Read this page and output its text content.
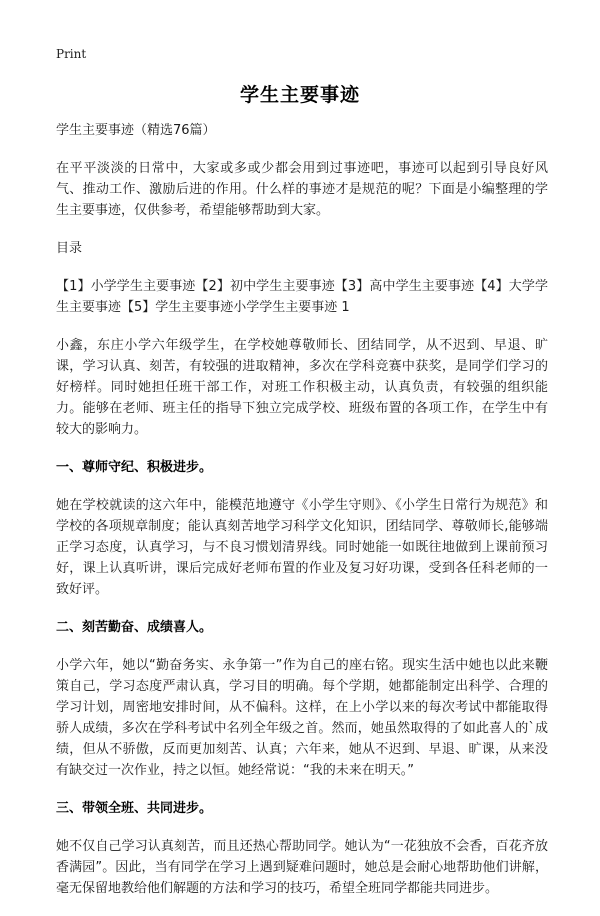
Print
学生主要事迹

学生主要事迹（精选76篇）

在平平淡淡的日常中，大家或多或少都会用到过事迹吧，事迹可以起到引导良好风气、推动工作、激励后进的作用。什么样的事迹才是规范的呢？下面是小编整理的学生主要事迹，仅供参考，希望能够帮助到大家。

目录

【1】小学学生主要事迹【2】初中学生主要事迹【3】高中学生主要事迹【4】大学学生主要事迹【5】学生主要事迹小学学生主要事迹 1

小鑫，东庄小学六年级学生，在学校她尊敬师长、团结同学，从不迟到、早退、旷课，学习认真、刻苦，有较强的进取精神，多次在学科竞赛中获奖，是同学们学习的好榜样。同时她担任班干部工作，对班工作积极主动，认真负责，有较强的组织能力。能够在老师、班主任的指导下独立完成学校、班级布置的各项工作，在学生中有较大的影响力。

一、尊师守纪、积极进步。

她在学校就读的这六年中，能模范地遵守《小学生守则》、《小学生日常行为规范》和学校的各项规章制度；能认真刻苦地学习科学文化知识，团结同学、尊敬师长,能够端正学习态度，认真学习，与不良习惯划清界线。同时她能一如既往地做到上课前预习好，课上认真听讲，课后完成好老师布置的作业及复习好功课，受到各任科老师的一致好评。

二、刻苦勤奋、成绩喜人。

小学六年，她以“勤奋务实、永争第一”作为自己的座右铭。现实生活中她也以此来鞭策自己，学习态度严肃认真，学习目的明确。每个学期，她都能制定出科学、合理的学习计划，周密地安排时间，从不偏科。这样，在上小学以来的每次考试中都能取得骄人成绩，多次在学科考试中名列全年级之首。然而，她虽然取得的了如此喜人的`成绩，但从不骄傲，反而更加刻苦、认真；六年来，她从不迟到、早退、旷课，从来没有缺交过一次作业，持之以恒。她经常说：“我的未来在明天。”

三、带领全班、共同进步。

她不仅自己学习认真刻苦，而且还热心帮助同学。她认为“一花独放不会香，百花齐放香满园”。因此，当有同学在学习上遇到疑难问题时，她总是会耐心地帮助他们讲解，毫无保留地教给他们解题的方法和学习的技巧，希望全班同学都能共同进步。
